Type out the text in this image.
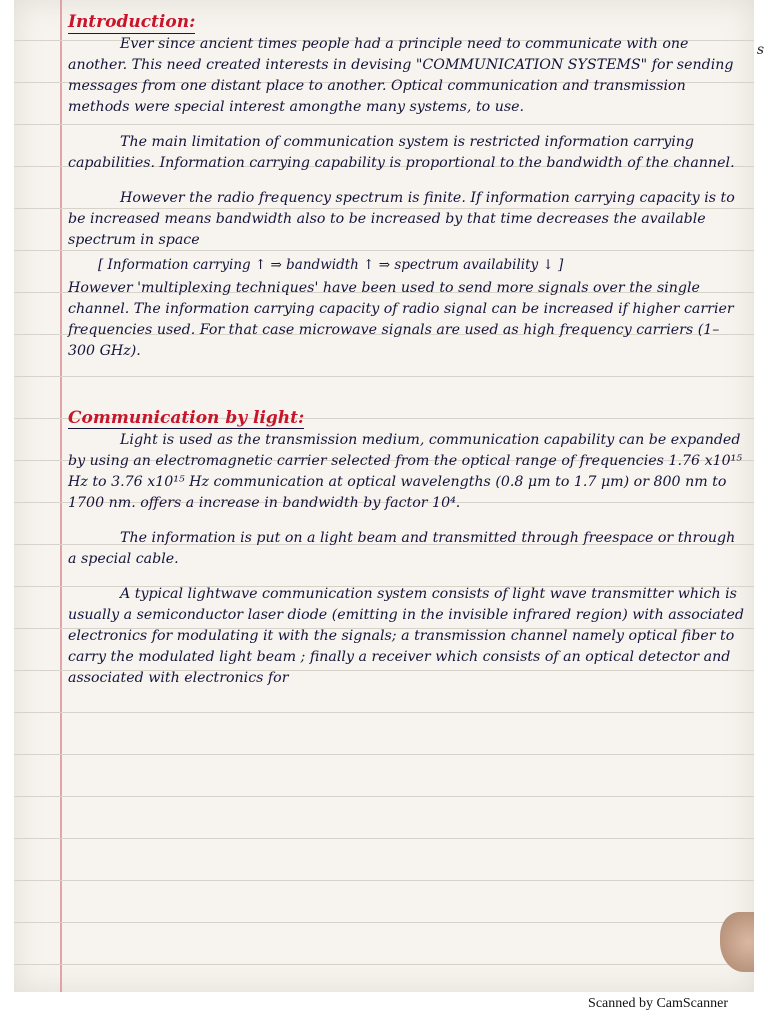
Introduction:

Ever since ancient times people had a principle need to communicate with one another. This need created interests in devising "COMMUNICATION SYSTEMS" for sending messages from one distant place to another. Optical communication and transmission methods were special interest amongthe many systems, to use.

The main limitation of communication system is restricted information carrying capabilities. Information carrying capability is proportional to the bandwidth of the channel.

However the radio frequency spectrum is finite. If information carrying capacity is to be increased means bandwidth also to be increased by that time decreases the available spectrum in space

[ Information carrying ↑ ⇒ bandwidth ↑ ⇒ spectrum availability ↓ ]

However 'multiplexing techniques' have been used to send more signals over the single channel. The information carrying capacity of radio signal can be increased if higher carrier frequencies used. For that case microwave signals are used as high frequency carriers (1–300 GHz).

Communication by light:

Light is used as the transmission medium, communication capability can be expanded by using an electromagnetic carrier selected from the optical range of frequencies 1.76 x10¹⁵ Hz to 3.76 x10¹⁵ Hz communication at optical wavelengths (0.8 μm to 1.7 μm) or 800 nm to 1700 nm. offers a increase in bandwidth by factor 10⁴.

The information is put on a light beam and transmitted through freespace or through a special cable.

A typical lightwave communication system consists of light wave transmitter which is usually a semiconductor laser diode (emitting in the invisible infrared region) with associated electronics for modulating it with the signals; a transmission channel namely optical fiber to carry the modulated light beam ; finally a receiver which consists of an optical detector and associated with electronics for

s
Scanned by CamScanner
